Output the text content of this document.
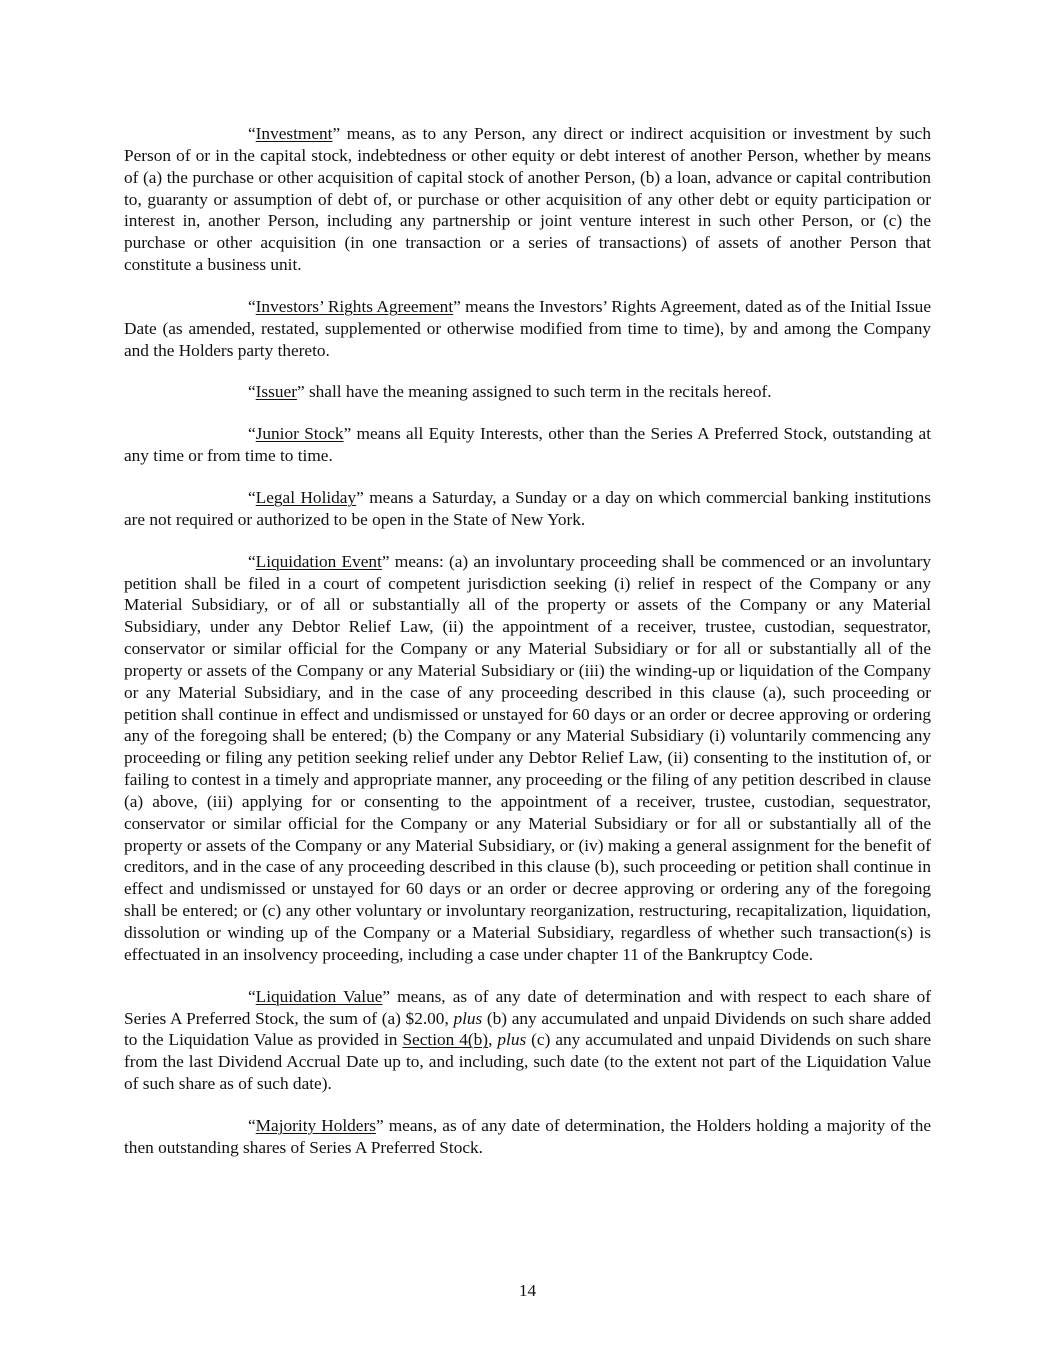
“Investment” means, as to any Person, any direct or indirect acquisition or investment by such Person of or in the capital stock, indebtedness or other equity or debt interest of another Person, whether by means of (a) the purchase or other acquisition of capital stock of another Person, (b) a loan, advance or capital contribution to, guaranty or assumption of debt of, or purchase or other acquisition of any other debt or equity participation or interest in, another Person, including any partnership or joint venture interest in such other Person, or (c) the purchase or other acquisition (in one transaction or a series of transactions) of assets of another Person that constitute a business unit.

“Investors’ Rights Agreement” means the Investors’ Rights Agreement, dated as of the Initial Issue Date (as amended, restated, supplemented or otherwise modified from time to time), by and among the Company and the Holders party thereto.

“Issuer” shall have the meaning assigned to such term in the recitals hereof.

“Junior Stock” means all Equity Interests, other than the Series A Preferred Stock, outstanding at any time or from time to time.

“Legal Holiday” means a Saturday, a Sunday or a day on which commercial banking institutions are not required or authorized to be open in the State of New York.

“Liquidation Event” means: (a) an involuntary proceeding shall be commenced or an involuntary petition shall be filed in a court of competent jurisdiction seeking (i) relief in respect of the Company or any Material Subsidiary, or of all or substantially all of the property or assets of the Company or any Material Subsidiary, under any Debtor Relief Law, (ii) the appointment of a receiver, trustee, custodian, sequestrator, conservator or similar official for the Company or any Material Subsidiary or for all or substantially all of the property or assets of the Company or any Material Subsidiary or (iii) the winding-up or liquidation of the Company or any Material Subsidiary, and in the case of any proceeding described in this clause (a), such proceeding or petition shall continue in effect and undismissed or unstayed for 60 days or an order or decree approving or ordering any of the foregoing shall be entered; (b) the Company or any Material Subsidiary (i) voluntarily commencing any proceeding or filing any petition seeking relief under any Debtor Relief Law, (ii) consenting to the institution of, or failing to contest in a timely and appropriate manner, any proceeding or the filing of any petition described in clause (a) above, (iii) applying for or consenting to the appointment of a receiver, trustee, custodian, sequestrator, conservator or similar official for the Company or any Material Subsidiary or for all or substantially all of the property or assets of the Company or any Material Subsidiary, or (iv) making a general assignment for the benefit of creditors, and in the case of any proceeding described in this clause (b), such proceeding or petition shall continue in effect and undismissed or unstayed for 60 days or an order or decree approving or ordering any of the foregoing shall be entered; or (c) any other voluntary or involuntary reorganization, restructuring, recapitalization, liquidation, dissolution or winding up of the Company or a Material Subsidiary, regardless of whether such transaction(s) is effectuated in an insolvency proceeding, including a case under chapter 11 of the Bankruptcy Code.

“Liquidation Value” means, as of any date of determination and with respect to each share of Series A Preferred Stock, the sum of (a) $2.00, plus (b) any accumulated and unpaid Dividends on such share added to the Liquidation Value as provided in Section 4(b), plus (c) any accumulated and unpaid Dividends on such share from the last Dividend Accrual Date up to, and including, such date (to the extent not part of the Liquidation Value of such share as of such date).

“Majority Holders” means, as of any date of determination, the Holders holding a majority of the then outstanding shares of Series A Preferred Stock.

14
